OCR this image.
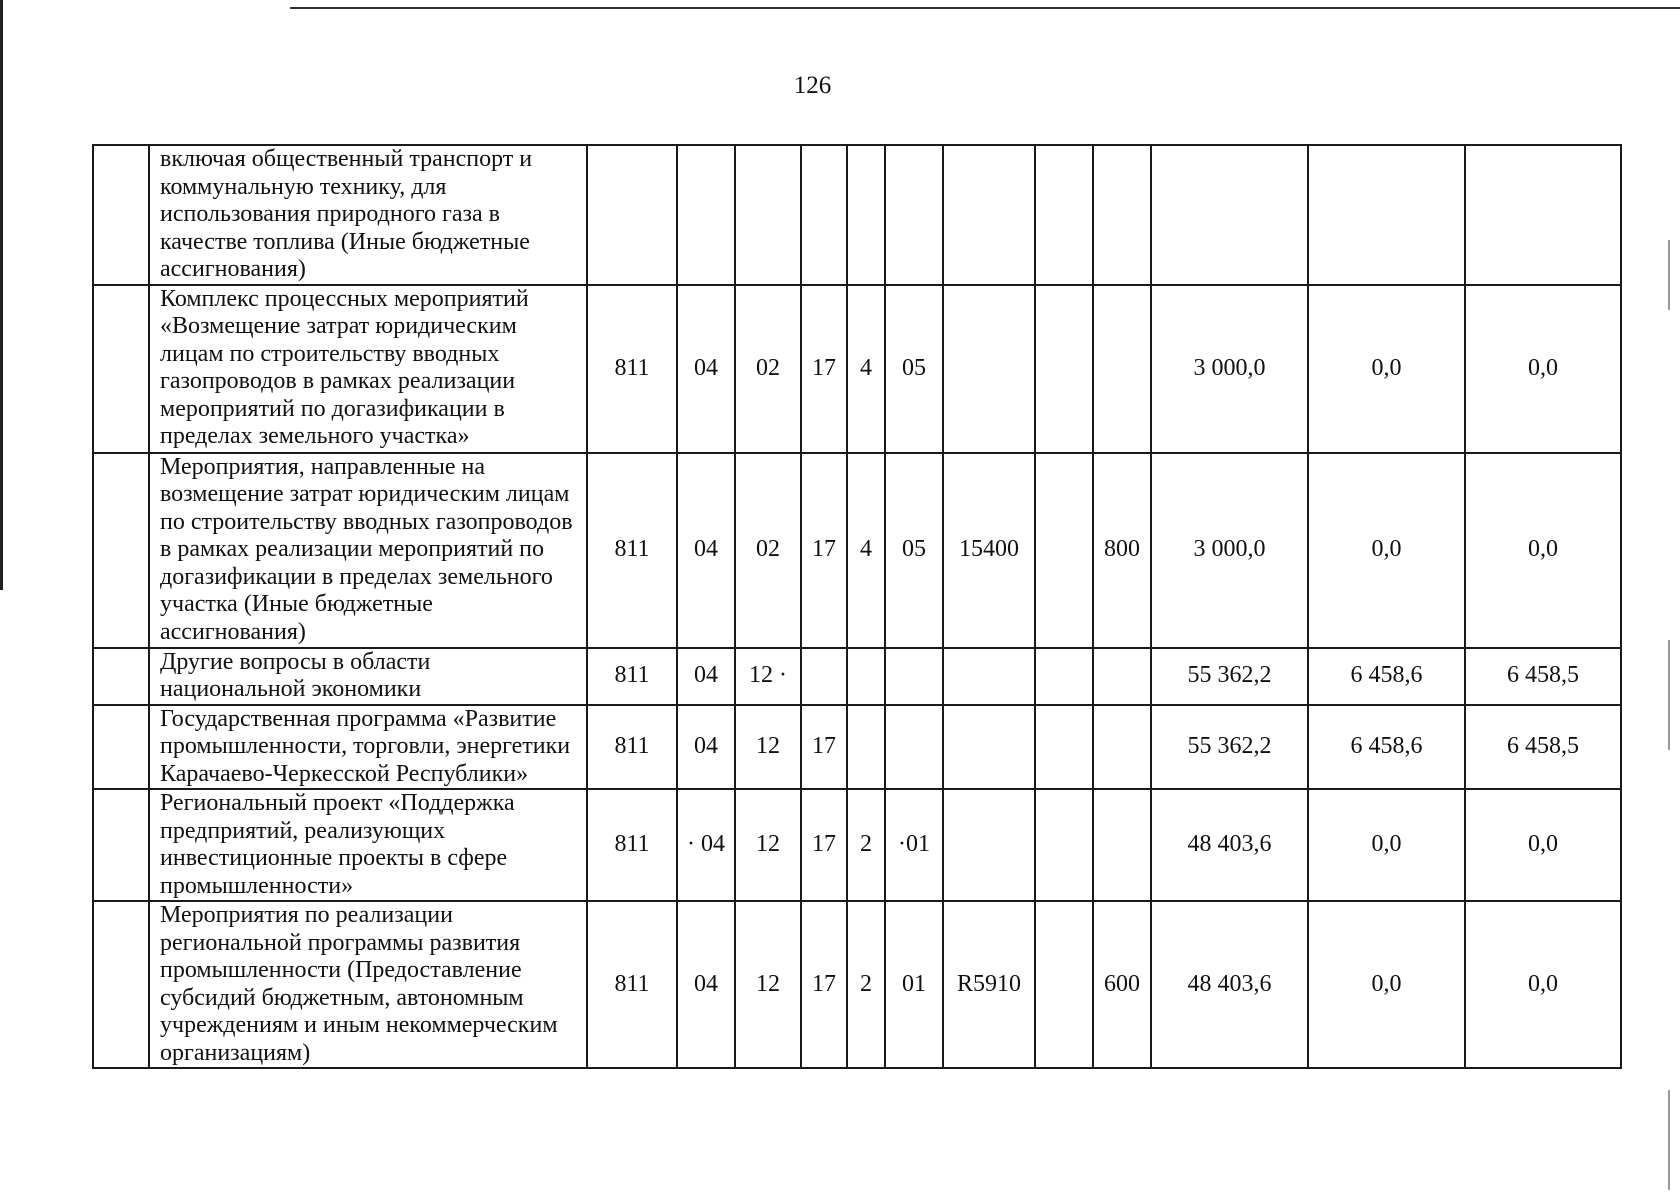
126
	включая общественный транспорт и коммунальную технику, для использования природного газа в качестве топлива (Иные бюджетные ассигнования)												
	Комплекс процессных мероприятий «Возмещение затрат юридическим лицам по строительству вводных газопроводов в рамках реализации мероприятий по догазификации в пределах земельного участка»	811	04	02	17	4	05				3 000,0	0,0	0,0
	Мероприятия, направленные на возмещение затрат юридическим лицам по строительству вводных газопроводов в рамках реализации мероприятий по догазификации в пределах земельного участка (Иные бюджетные ассигнования)	811	04	02	17	4	05	15400		800	3 000,0	0,0	0,0
	Другие вопросы в области национальной экономики	811	04	12 ·							55 362,2	6 458,6	6 458,5
	Государственная программа «Развитие промышленности, торговли, энергетики Карачаево-Черкесской Республики»	811	04	12	17						55 362,2	6 458,6	6 458,5
	Региональный проект «Поддержка предприятий, реализующих инвестиционные проекты в сфере промышленности»	811	· 04	12	17	2	·01				48 403,6	0,0	0,0
	Мероприятия по реализации региональной программы развития промышленности (Предоставление субсидий бюджетным, автономным учреждениям и иным некоммерческим организациям)	811	04	12	17	2	01	R5910		600	48 403,6	0,0	0,0
